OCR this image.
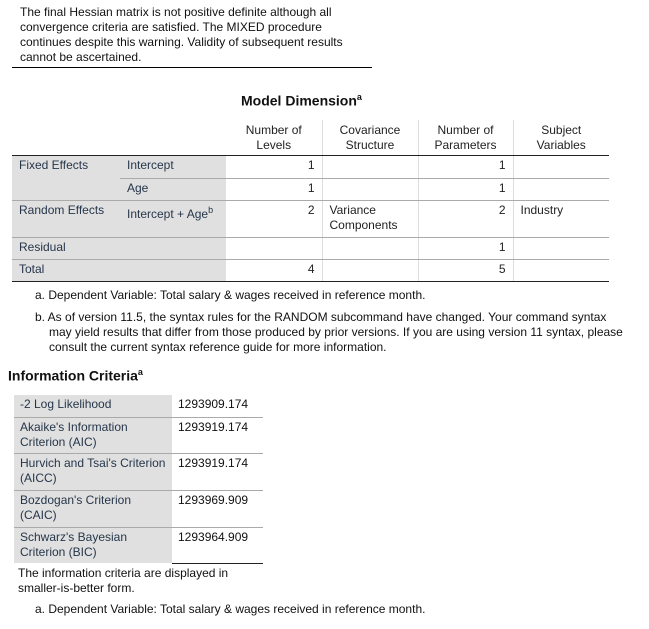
The final Hessian matrix is not positive definite although all convergence criteria are satisfied. The MIXED procedure continues despite this warning. Validity of subsequent results cannot be ascertained.
Model Dimension$^a$
		Number of Levels	Covariance Structure	Number of Parameters	Subject Variables
Fixed Effects	Intercept	1		1	
	Age	1		1	
Random Effects	Intercept + Age$^b$	2	Variance Components	2	Industry
Residual				1	
Total		4		5	
a. Dependent Variable: Total salary & wages received in reference month.
b. As of version 11.5, the syntax rules for the RANDOM subcommand have changed. Your command syntax may yield results that differ from those produced by prior versions. If you are using version 11 syntax, please consult the current syntax reference guide for more information.
Information Criteria$^a$
-2 Log Likelihood	1293909.174
Akaike's Information Criterion (AIC)	1293919.174
Hurvich and Tsai's Criterion (AICC)	1293919.174
Bozdogan's Criterion (CAIC)	1293969.909
Schwarz's Bayesian Criterion (BIC)	1293964.909
The information criteria are displayed in smaller-is-better form.
a. Dependent Variable: Total salary & wages received in reference month.
